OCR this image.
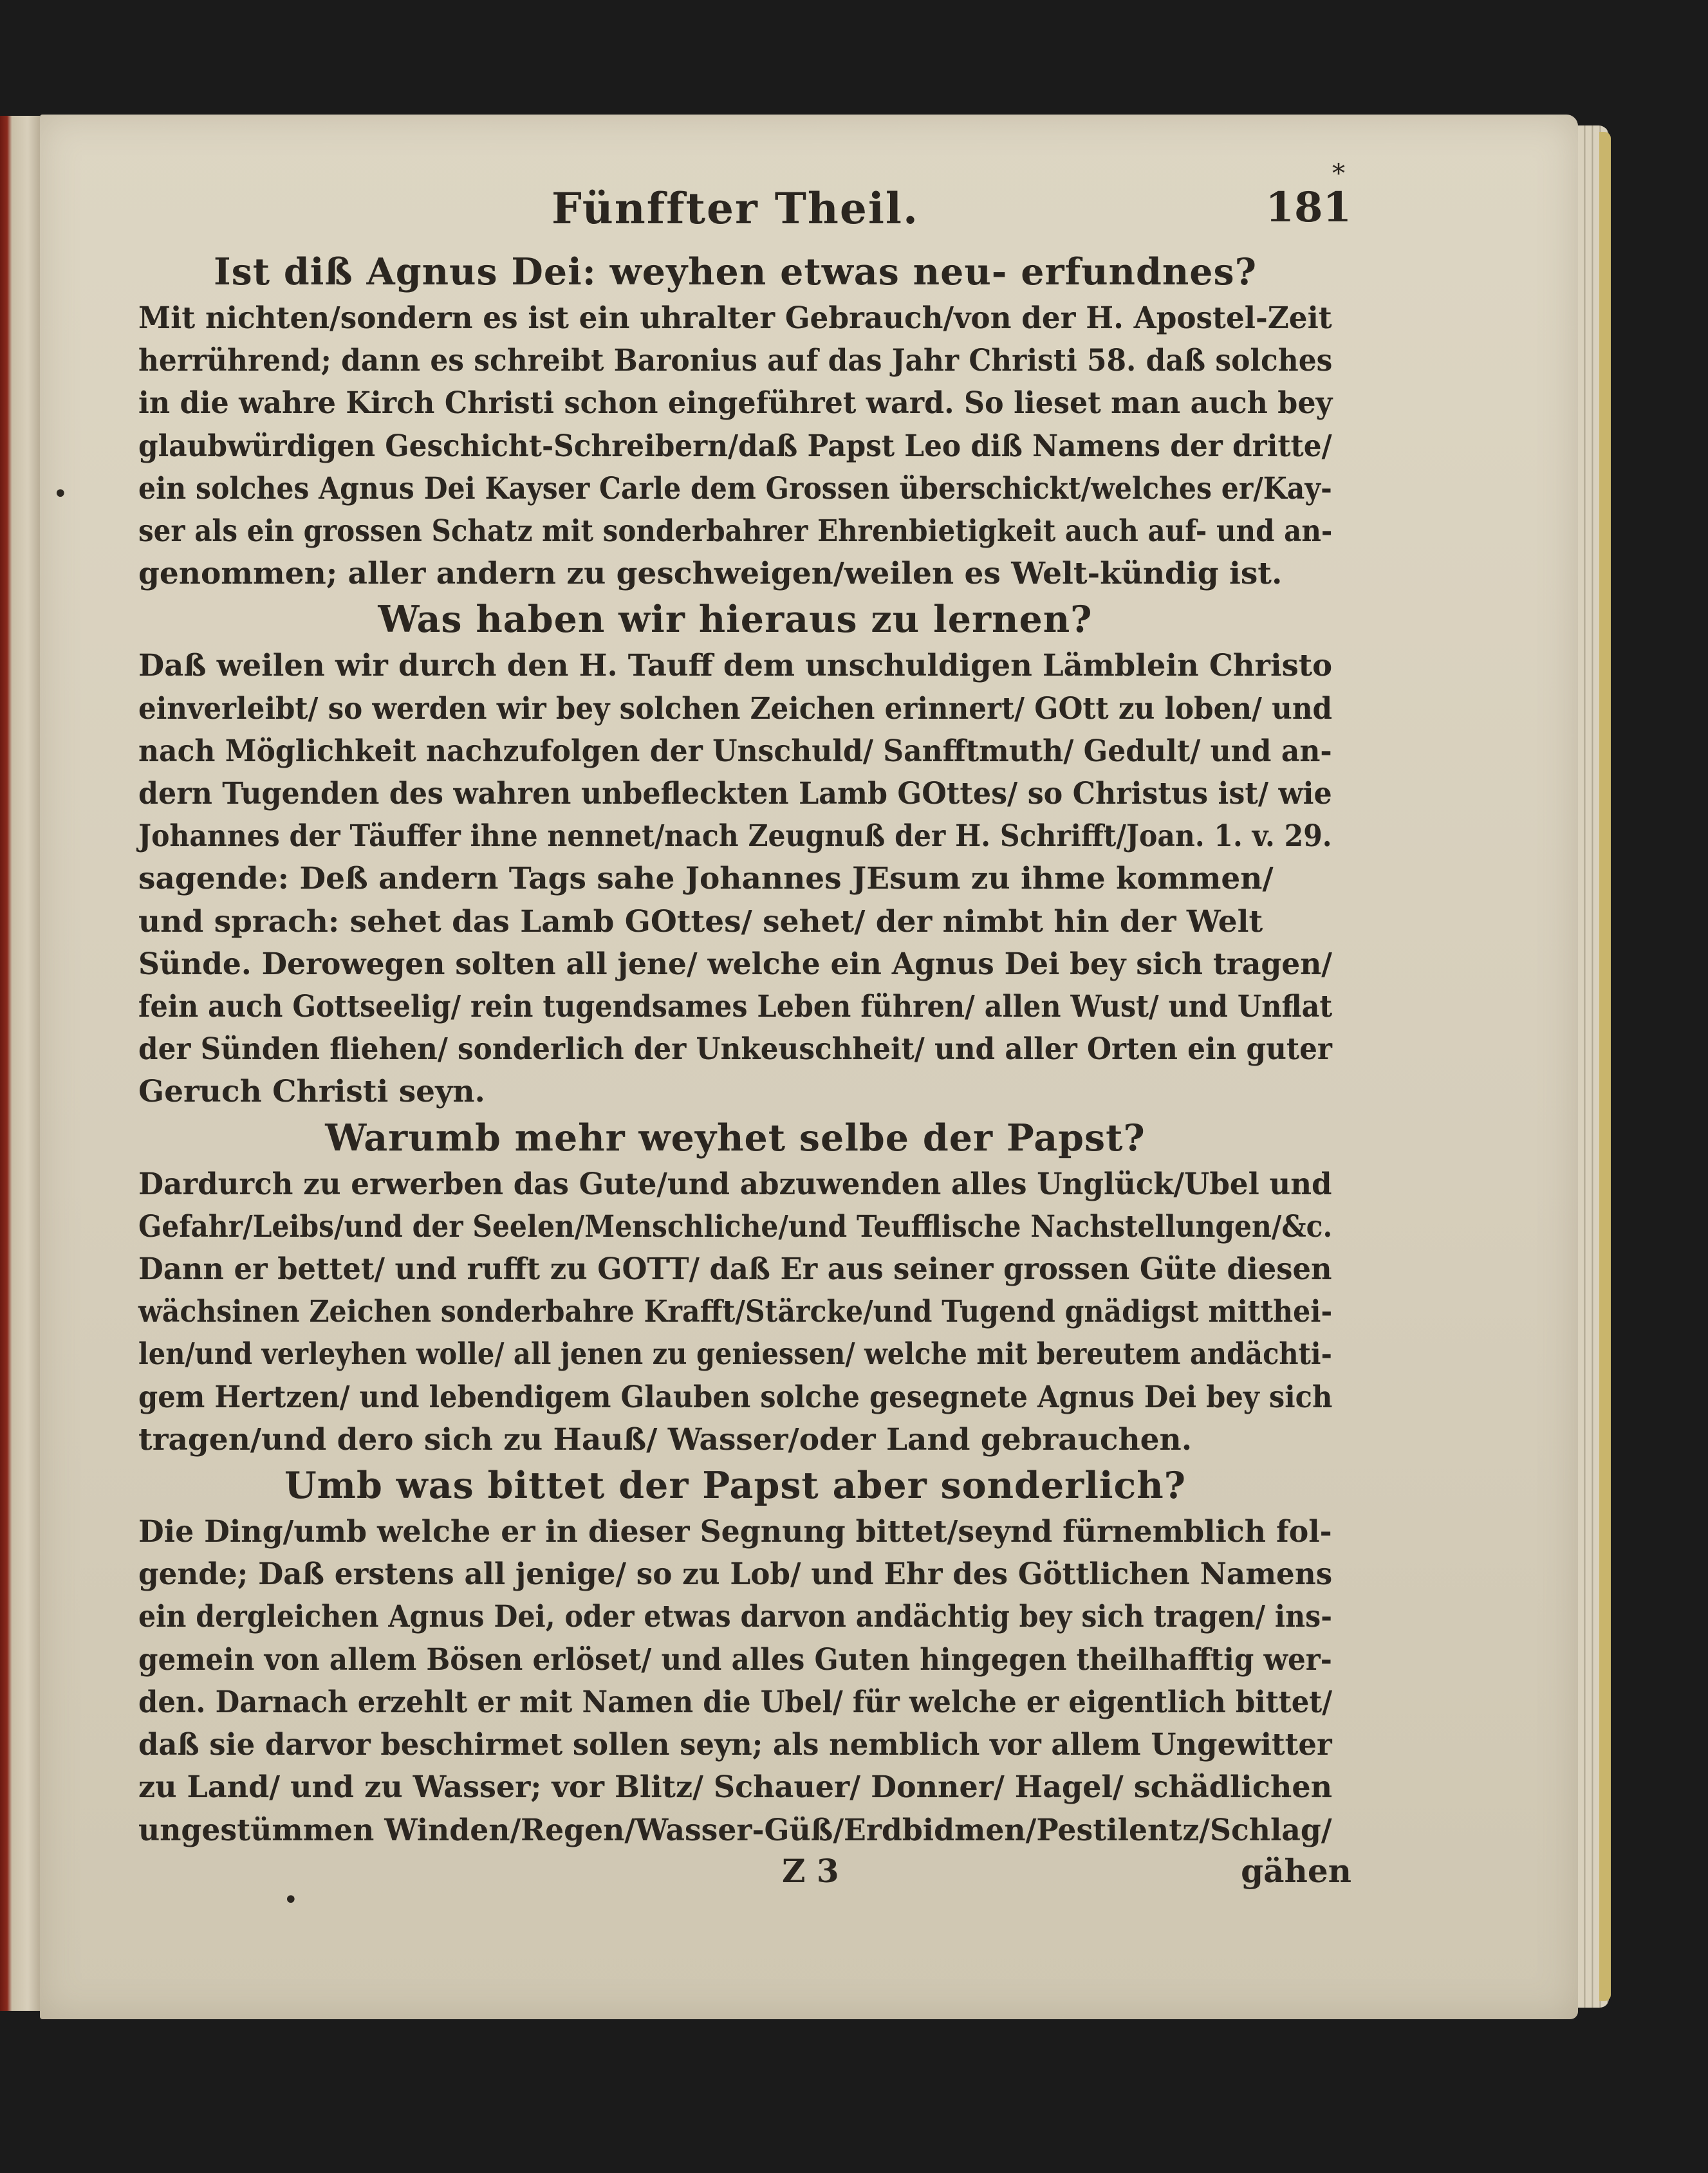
•
•
Fünffter Theil.
*
181
Ist diß Agnus Dei: weyhen etwas neu- erfundnes?
Mit nichten/sondern es ist ein uhralter Gebrauch/von der H. Apostel-Zeit
herrührend; dann es schreibt Baronius auf das Jahr Christi 58. daß solches
in die wahre Kirch Christi schon eingeführet ward. So lieset man auch bey
glaubwürdigen Geschicht-Schreibern/daß Papst Leo diß Namens der dritte/
ein solches Agnus Dei Kayser Carle dem Grossen überschickt/welches er/Kay-
ser als ein grossen Schatz mit sonderbahrer Ehrenbietigkeit auch auf- und an-
genommen; aller andern zu geschweigen/weilen es Welt-kündig ist.
Was haben wir hieraus zu lernen?
Daß weilen wir durch den H. Tauff dem unschuldigen Lämblein Christo
einverleibt/ so werden wir bey solchen Zeichen erinnert/ GOtt zu loben/ und
nach Möglichkeit nachzufolgen der Unschuld/ Sanfftmuth/ Gedult/ und an-
dern Tugenden des wahren unbefleckten Lamb GOttes/ so Christus ist/ wie
Johannes der Täuffer ihne nennet/nach Zeugnuß der H. Schrifft/Joan. 1. v. 29.
sagende: Deß andern Tags sahe Johannes JEsum zu ihme kommen/
und sprach: sehet das Lamb GOttes/ sehet/ der nimbt hin der Welt
Sünde. Derowegen solten all jene/ welche ein Agnus Dei bey sich tragen/
fein auch Gottseelig/ rein tugendsames Leben führen/ allen Wust/ und Unflat
der Sünden fliehen/ sonderlich der Unkeuschheit/ und aller Orten ein guter
Geruch Christi seyn.
Warumb mehr weyhet selbe der Papst?
Dardurch zu erwerben das Gute/und abzuwenden alles Unglück/Ubel und
Gefahr/Leibs/und der Seelen/Menschliche/und Teufflische Nachstellungen/&c.
Dann er bettet/ und rufft zu GOTT/ daß Er aus seiner grossen Güte diesen
wächsinen Zeichen sonderbahre Krafft/Stärcke/und Tugend gnädigst mitthei-
len/und verleyhen wolle/ all jenen zu geniessen/ welche mit bereutem andächti-
gem Hertzen/ und lebendigem Glauben solche gesegnete Agnus Dei bey sich
tragen/und dero sich zu Hauß/ Wasser/oder Land gebrauchen.
Umb was bittet der Papst aber sonderlich?
Die Ding/umb welche er in dieser Segnung bittet/seynd fürnemblich fol-
gende; Daß erstens all jenige/ so zu Lob/ und Ehr des Göttlichen Namens
ein dergleichen Agnus Dei, oder etwas darvon andächtig bey sich tragen/ ins-
gemein von allem Bösen erlöset/ und alles Guten hingegen theilhafftig wer-
den. Darnach erzehlt er mit Namen die Ubel/ für welche er eigentlich bittet/
daß sie darvor beschirmet sollen seyn; als nemblich vor allem Ungewitter
zu Land/ und zu Wasser; vor Blitz/ Schauer/ Donner/ Hagel/ schädlichen
ungestümmen Winden/Regen/Wasser-Güß/Erdbidmen/Pestilentz/Schlag/
Z 3	gähen
